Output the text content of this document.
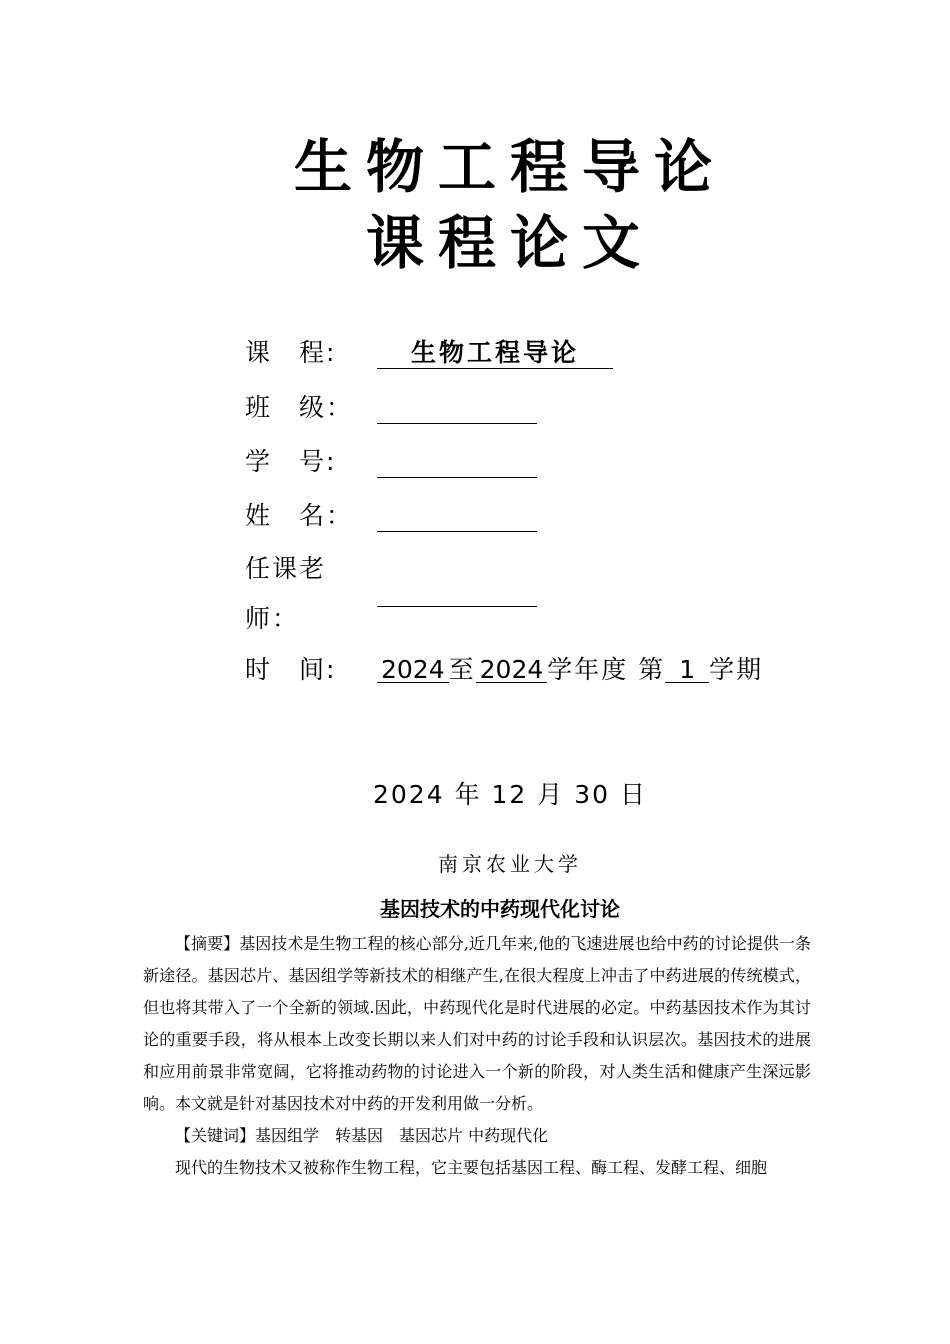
生物工程导论
课程论文
课　程:	生物工程导论
班　级：
学　号:
姓　名：
任课老
师：
时　间: 2024 至 2024 学年度 第 1 学期
2024 年 12 月 30 日
南京农业大学
基因技术的中药现代化讨论

【摘要】基因技术是生物工程的核心部分,近几年来,他的飞速进展也给中药的讨论提供一条新途径。基因芯片、基因组学等新技术的相继产生,在很大程度上冲击了中药进展的传统模式，但也将其带入了一个全新的领域.因此，中药现代化是时代进展的必定。中药基因技术作为其讨论的重要手段，将从根本上改变长期以来人们对中药的讨论手段和认识层次。基因技术的进展和应用前景非常宽阔，它将推动药物的讨论进入一个新的阶段，对人类生活和健康产生深远影响。本文就是针对基因技术对中药的开发利用做一分析。

【关键词】基因组学　转基因　基因芯片 中药现代化

现代的生物技术又被称作生物工程，它主要包括基因工程、酶工程、发酵工程、细胞
